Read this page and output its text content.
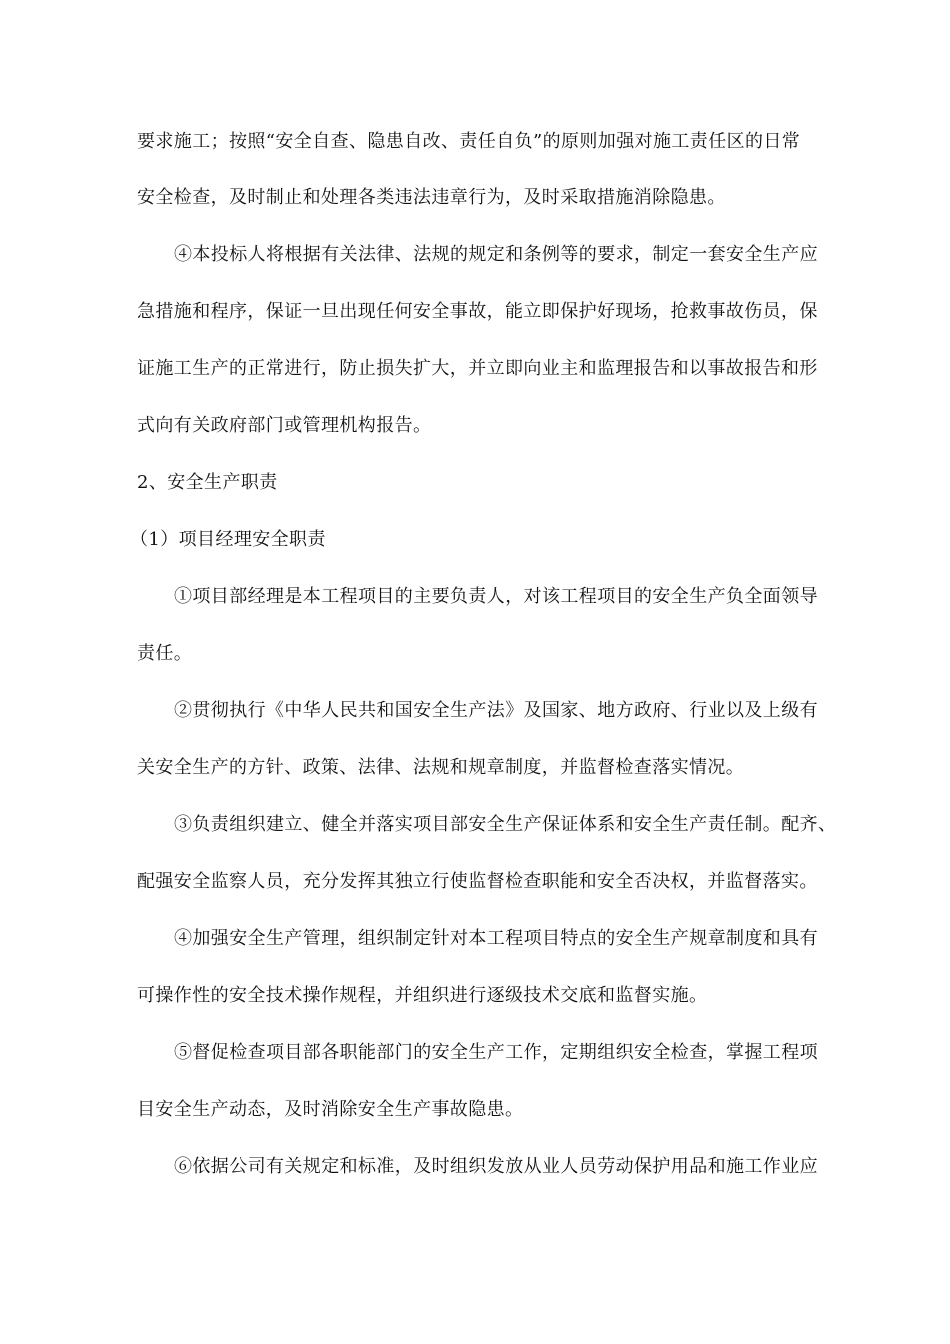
要求施工；按照“安全自查、隐患自改、责任自负”的原则加强对施工责任区的日常
安全检查，及时制止和处理各类违法违章行为，及时采取措施消除隐患。
④本投标人将根据有关法律、法规的规定和条例等的要求，制定一套安全生产应
急措施和程序，保证一旦出现任何安全事故，能立即保护好现场，抢救事故伤员，保
证施工生产的正常进行，防止损失扩大，并立即向业主和监理报告和以事故报告和形
式向有关政府部门或管理机构报告。
2、安全生产职责
（1）项目经理安全职责
①项目部经理是本工程项目的主要负责人，对该工程项目的安全生产负全面领导
责任。
②贯彻执行《中华人民共和国安全生产法》及国家、地方政府、行业以及上级有
关安全生产的方针、政策、法律、法规和规章制度，并监督检查落实情况。
③负责组织建立、健全并落实项目部安全生产保证体系和安全生产责任制。配齐、
配强安全监察人员，充分发挥其独立行使监督检查职能和安全否决权，并监督落实。
④加强安全生产管理，组织制定针对本工程项目特点的安全生产规章制度和具有
可操作性的安全技术操作规程，并组织进行逐级技术交底和监督实施。
⑤督促检查项目部各职能部门的安全生产工作，定期组织安全检查，掌握工程项
目安全生产动态，及时消除安全生产事故隐患。
⑥依据公司有关规定和标准，及时组织发放从业人员劳动保护用品和施工作业应
